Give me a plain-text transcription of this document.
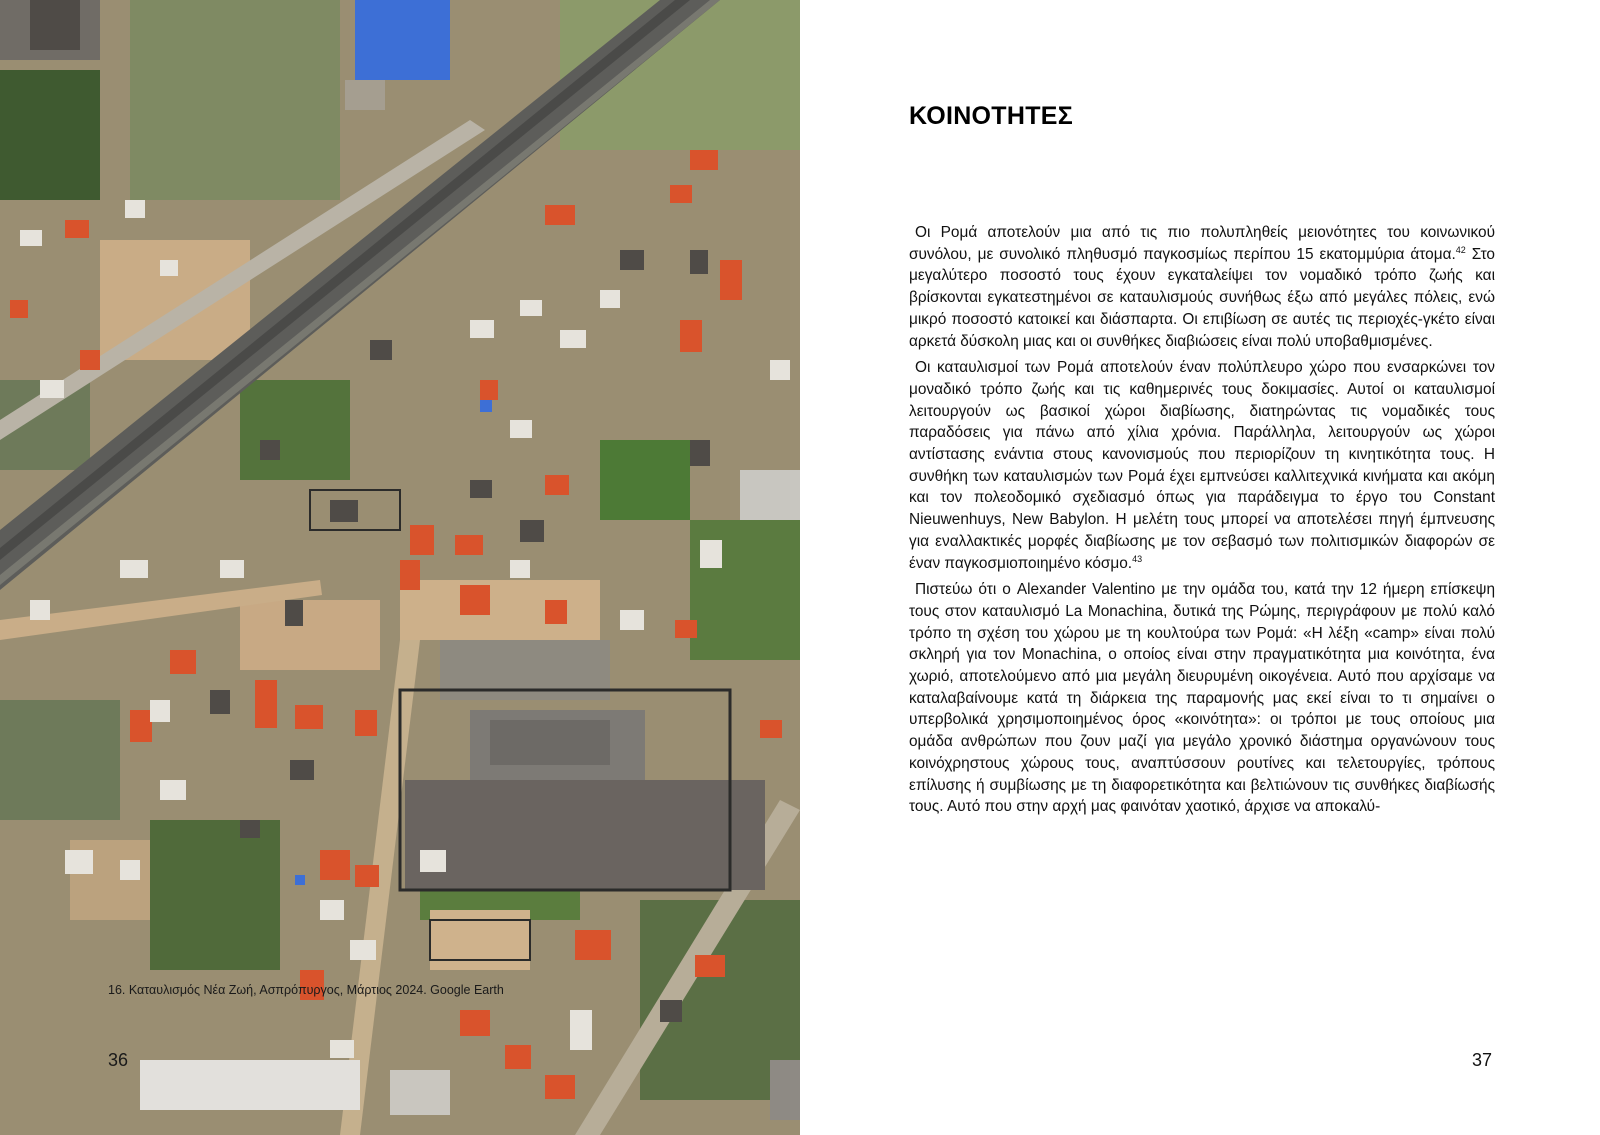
16. Καταυλισμός Νέα Ζωή, Ασπρόπυργος, Μάρτιος 2024. Google Earth
36
ΚΟΙΝΟΤΗΤΕΣ

Οι Ρομά αποτελούν μια από τις πιο πολυπληθείς μειονότητες του κοινωνικού συνόλου, με συνολικό πληθυσμό παγκοσμίως περίπου 15 εκατομμύρια άτομα.$^{42}$ Στο μεγαλύτερο ποσοστό τους έχουν εγκαταλείψει τον νομαδικό τρόπο ζωής και βρίσκονται εγκατεστημένοι σε καταυλισμούς συνήθως έξω από μεγάλες πόλεις, ενώ μικρό ποσοστό κατοικεί και διάσπαρτα. Οι επιβίωση σε αυτές τις περιοχές-γκέτο είναι αρκετά δύσκολη μιας και οι συνθήκες διαβιώσεις είναι πολύ υποβαθμισμένες.

Οι καταυλισμοί των Ρομά αποτελούν έναν πολύπλευρο χώρο που ενσαρκώνει τον μοναδικό τρόπο ζωής και τις καθημερινές τους δοκιμασίες. Αυτοί οι καταυλισμοί λειτουργούν ως βασικοί χώροι διαβίωσης, διατηρώντας τις νομαδικές τους παραδόσεις για πάνω από χίλια χρόνια. Παράλληλα, λειτουργούν ως χώροι αντίστασης ενάντια στους κανονισμούς που περιορίζουν τη κινητικότητα τους. Η συνθήκη των καταυλισμών των Ρομά έχει εμπνεύσει καλλιτεχνικά κινήματα και ακόμη και τον πολεοδομικό σχεδιασμό όπως για παράδειγμα το έργο του Constant Nieuwenhuys, New Babylon. Η μελέτη τους μπορεί να αποτελέσει πηγή έμπνευσης για εναλλακτικές μορφές διαβίωσης με τον σεβασμό των πολιτισμικών διαφορών σε έναν παγκοσμιοποιημένο κόσμο.$^{43}$

Πιστεύω ότι ο Alexander Valentino με την ομάδα του, κατά την 12 ήμερη επίσκεψη τους στον καταυλισμό La Monachina, δυτικά της Ρώμης, περιγράφουν με πολύ καλό τρόπο τη σχέση του χώρου με τη κουλτούρα των Ρομά: «Η λέξη «camp» είναι πολύ σκληρή για τον Monachina, ο οποίος είναι στην πραγματικότητα μια κοινότητα, ένα χωριό, αποτελούμενο από μια μεγάλη διευρυμένη οικογένεια. Αυτό που αρχίσαμε να καταλαβαίνουμε κατά τη διάρκεια της παραμονής μας εκεί είναι το τι σημαίνει ο υπερβολικά χρησιμοποιημένος όρος «κοινότητα»: οι τρόποι με τους οποίους μια ομάδα ανθρώπων που ζουν μαζί για μεγάλο χρονικό διάστημα οργανώνουν τους κοινόχρηστους χώρους τους, αναπτύσσουν ρουτίνες και τελετουργίες, τρόπους επίλυσης ή συμβίωσης με τη διαφορετικότητα και βελτιώνουν τις συνθήκες διαβίωσής τους. Αυτό που στην αρχή μας φαινόταν χαοτικό, άρχισε να αποκαλύ-

37
